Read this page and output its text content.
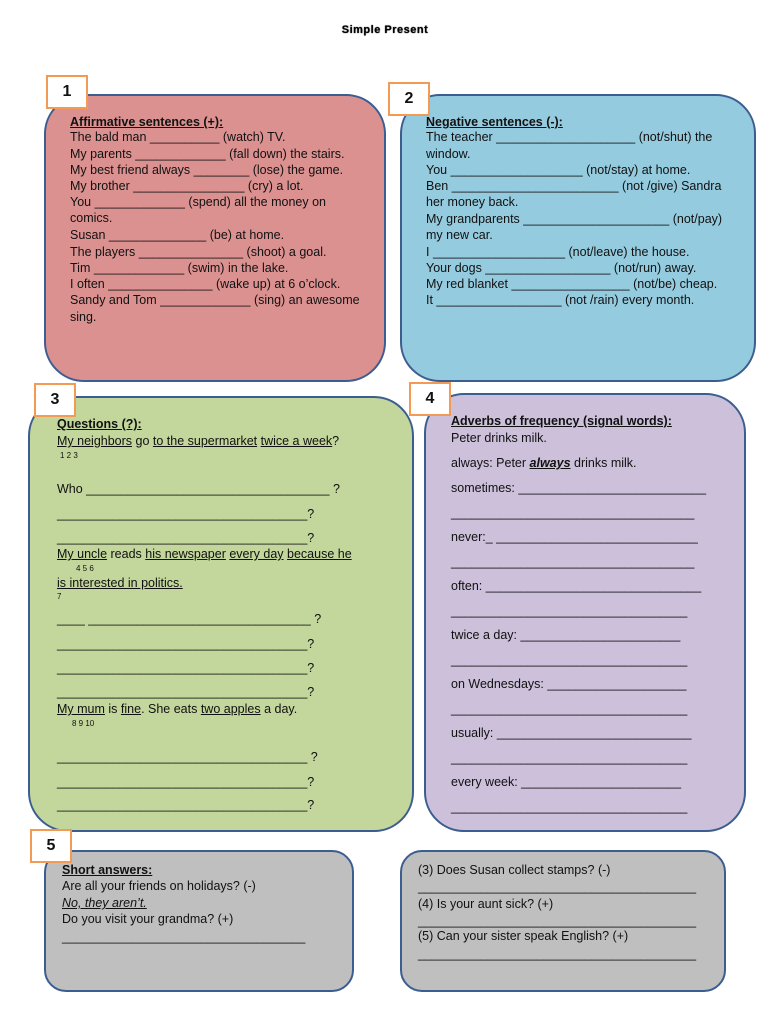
Simple Present
1
Affirmative sentences (+):
The bald man __________ (watch) TV.
My parents _____________ (fall down) the stairs.
My best friend always ________ (lose) the game.
My brother ________________ (cry) a lot.
You _____________ (spend) all the money on
comics.
Susan ______________ (be) at home.
The players _______________ (shoot) a goal.
Tim _____________ (swim) in the lake.
I often _______________ (wake up) at 6 o’clock.
Sandy and Tom _____________ (sing) an awesome
sing.
2
Negative sentences (-):
The teacher ____________________ (not/shut) the
window.
You ___________________ (not/stay) at home.
Ben ________________________ (not /give) Sandra
her money back.
My grandparents _____________________ (not/pay)
my new car.
I ___________________ (not/leave) the house.
Your dogs __________________ (not/run) away.
My red blanket _________________ (not/be) cheap.
It __________________ (not /rain) every month.
3
Questions (?):
My neighbors go to the supermarket twice a week?
1 2 3
Who ___________________________________ ?
____________________________________?
____________________________________?
My uncle reads his newspaper every day because he
4 5 6
is interested in politics.
7
____ ________________________________ ?
____________________________________?
____________________________________?
____________________________________?
My mum is fine. She eats two apples a day.
8 9 10
____________________________________ ?
____________________________________?
____________________________________?
4
Adverbs of frequency (signal words):
Peter drinks milk.
always: Peter always drinks milk.
sometimes: ___________________________
___________________________________
never:_ _____________________________
___________________________________
often: _______________________________
__________________________________
twice a day: _______________________
__________________________________
on Wednesdays: ____________________
__________________________________
usually: ____________________________
__________________________________
every week: _______________________
__________________________________
5
Short answers:
Are all your friends on holidays? (-)
No, they aren’t.
Do you visit your grandma? (+)
___________________________________
(3) Does Susan collect stamps? (-)
________________________________________
(4) Is your aunt sick? (+)
________________________________________
(5) Can your sister speak English? (+)
________________________________________
